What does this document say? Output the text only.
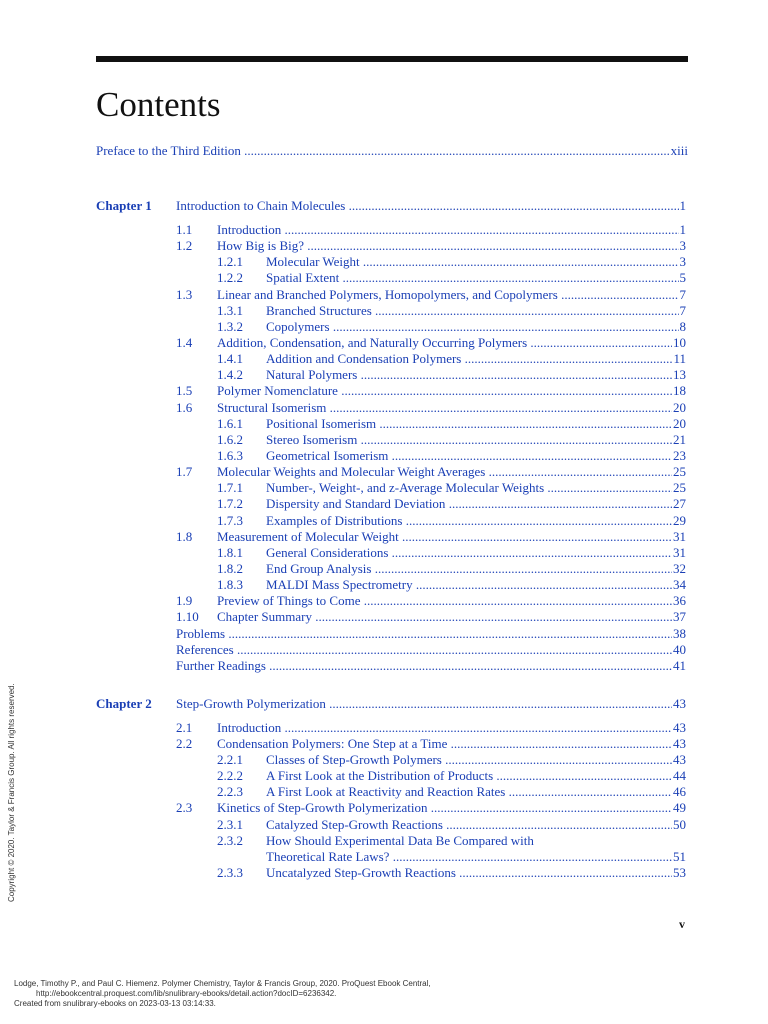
Contents
Preface to the Third Edition .....	xiii
Chapter 1 Introduction to Chain Molecules .....	1
1.1	Introduction .....	1
1.2	How Big is Big? .....	3
1.2.1	Molecular Weight .....	3
1.2.2	Spatial Extent .....	5
1.3	Linear and Branched Polymers, Homopolymers, and Copolymers .....	7
1.3.1	Branched Structures .....	7
1.3.2	Copolymers .....	8
1.4	Addition, Condensation, and Naturally Occurring Polymers .....	10
1.4.1	Addition and Condensation Polymers .....	11
1.4.2	Natural Polymers .....	13
1.5	Polymer Nomenclature .....	18
1.6	Structural Isomerism .....	20
1.6.1	Positional Isomerism .....	20
1.6.2	Stereo Isomerism .....	21
1.6.3	Geometrical Isomerism .....	23
1.7	Molecular Weights and Molecular Weight Averages .....	25
1.7.1	Number-, Weight-, and z-Average Molecular Weights .....	25
1.7.2	Dispersity and Standard Deviation .....	27
1.7.3	Examples of Distributions .....	29
1.8	Measurement of Molecular Weight .....	31
1.8.1	General Considerations .....	31
1.8.2	End Group Analysis .....	32
1.8.3	MALDI Mass Spectrometry .....	34
1.9	Preview of Things to Come .....	36
1.10	Chapter Summary .....	37
Problems .....	38
References .....	40
Further Readings .....	41
Chapter 2 Step-Growth Polymerization .....	43
2.1	Introduction .....	43
2.2	Condensation Polymers: One Step at a Time .....	43
2.2.1	Classes of Step-Growth Polymers .....	43
2.2.2	A First Look at the Distribution of Products .....	44
2.2.3	A First Look at Reactivity and Reaction Rates .....	46
2.3	Kinetics of Step-Growth Polymerization .....	49
2.3.1	Catalyzed Step-Growth Reactions .....	50
2.3.2	How Should Experimental Data Be Compared with
Theoretical Rate Laws? .....	51
2.3.3	Uncatalyzed Step-Growth Reactions .....	53
v
Copyright © 2020. Taylor & Francis Group. All rights reserved.
Lodge, Timothy P., and Paul C. Hiemenz. Polymer Chemistry, Taylor & Francis Group, 2020. ProQuest Ebook Central,
http://ebookcentral.proquest.com/lib/snulibrary-ebooks/detail.action?docID=6236342.
Created from snulibrary-ebooks on 2023-03-13 03:14:33.
